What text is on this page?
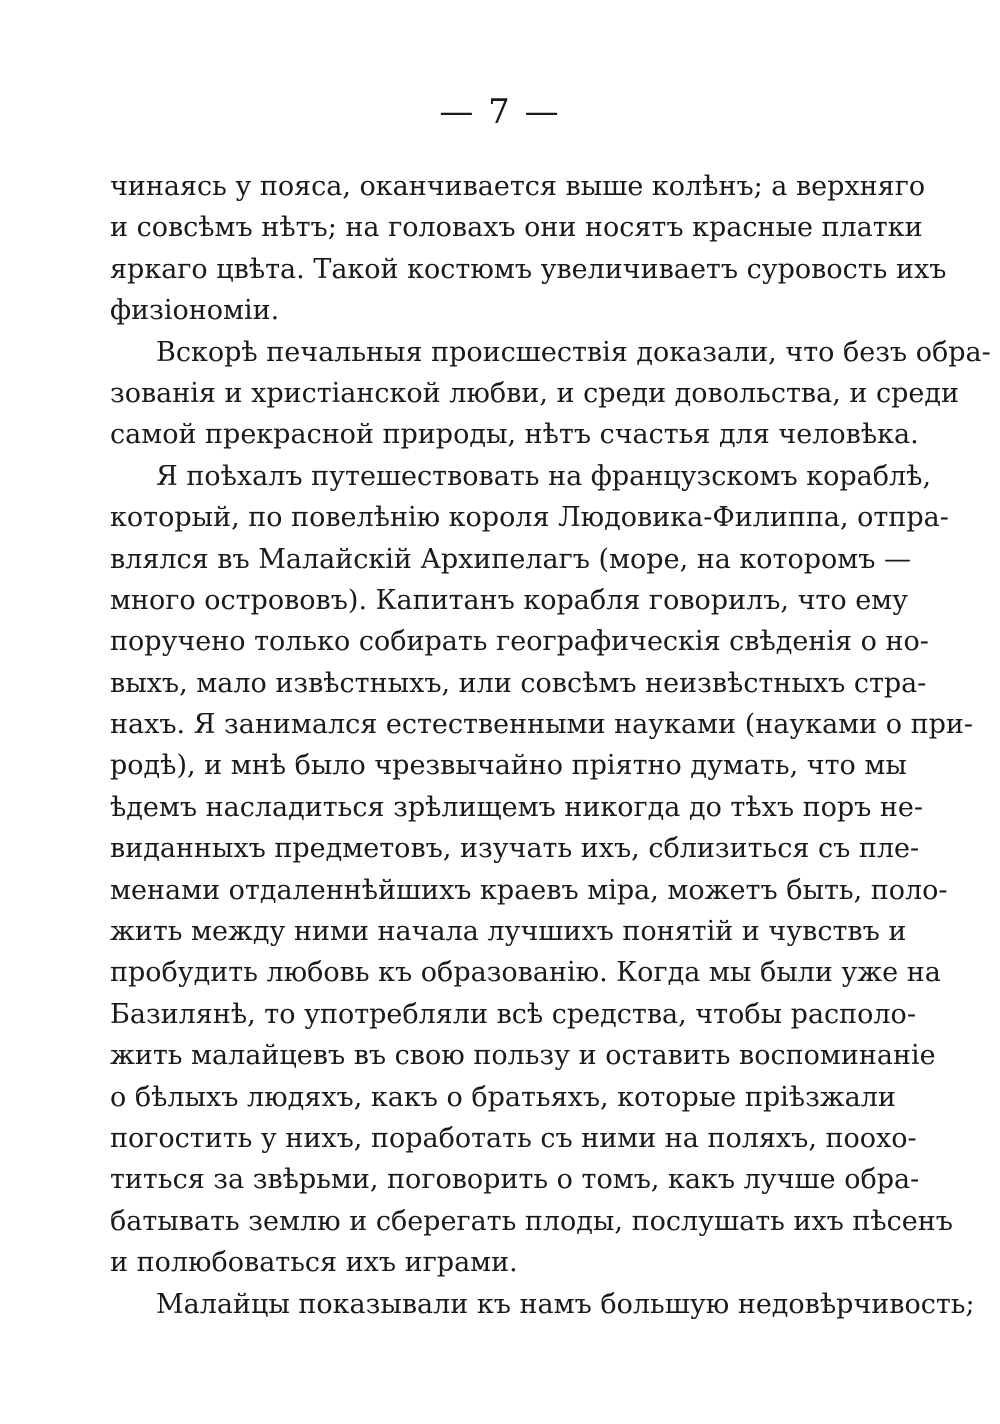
— 7 —
чинаясь у пояса, оканчивается выше колѣнъ; а верхняго
и совсѣмъ нѣтъ; на головахъ они носятъ красные платки
яркаго цвѣта. Такой костюмъ увеличиваетъ суровость ихъ
физіономіи.
Вскорѣ печальныя происшествія доказали, что безъ обра-
зованія и христіанской любви, и среди довольства, и среди
самой прекрасной природы, нѣтъ счастья для человѣка.
Я поѣхалъ путешествовать на французскомъ кораблѣ,
который, по повелѣнію короля Людовика-Филиппа, отпра-
влялся въ Малайскій Архипелагъ (море, на которомъ —
много острововъ). Капитанъ корабля говорилъ, что ему
поручено только собирать географическія свѣденія о но-
выхъ, мало извѣстныхъ, или совсѣмъ неизвѣстныхъ стра-
нахъ. Я занимался естественными науками (науками о при-
родѣ), и мнѣ было чрезвычайно пріятно думать, что мы
ѣдемъ насладиться зрѣлищемъ никогда до тѣхъ поръ не-
виданныхъ предметовъ, изучать ихъ, сблизиться съ пле-
менами отдаленнѣйшихъ краевъ міра, можетъ быть, поло-
жить между ними начала лучшихъ понятій и чувствъ и
пробудить любовь къ образованію. Когда мы были уже на
Базилянѣ, то употребляли всѣ средства, чтобы располо-
жить малайцевъ въ свою пользу и оставить воспоминаніе
о бѣлыхъ людяхъ, какъ о братьяхъ, которые пріѣзжали
погостить у нихъ, поработать съ ними на поляхъ, пооxо-
титься за звѣрьми, поговорить о томъ, какъ лучше обра-
батывать землю и сберегать плоды, послушать ихъ пѣсенъ
и полюбоваться ихъ играми.
Малайцы показывали къ намъ большую недовѣрчивость;
